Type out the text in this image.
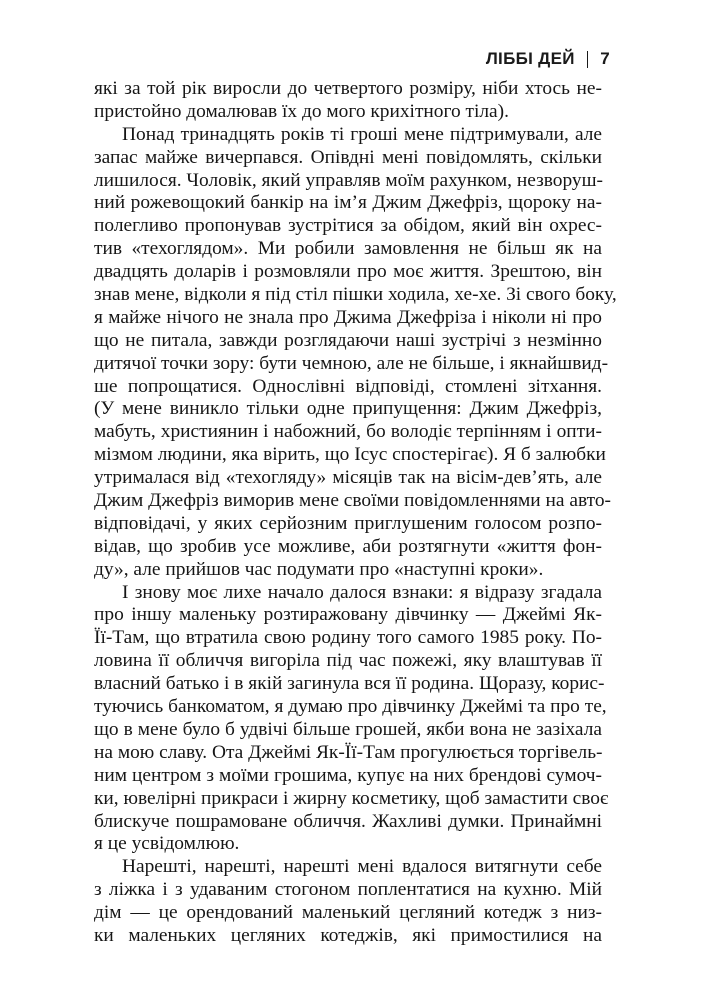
ЛІББІ ДЕЙ 7
які за той рік виросли до четвертого розміру, ніби хтось не-
пристойно домалював їх до мого крихітного тіла).
Понад тринадцять років ті гроші мене підтримували, але
запас майже вичерпався. Опівдні мені повідомлять, скільки
лишилося. Чоловік, який управляв моїм рахунком, незворуш-
ний рожевощокий банкір на ім’я Джим Джефріз, щороку на-
полегливо пропонував зустрітися за обідом, який він охрес-
тив «техоглядом». Ми робили замовлення не більш як на
двадцять доларів і розмовляли про моє життя. Зрештою, він
знав мене, відколи я під стіл пішки ходила, хе-хе. Зі свого боку,
я майже нічого не знала про Джима Джефріза і ніколи ні про
що не питала, завжди розглядаючи наші зустрічі з незмінно
дитячої точки зору: бути чемною, але не більше, і якнайшвид-
ше попрощатися. Однослівні відповіді, стомлені зітхання.
(У мене виникло тільки одне припущення: Джим Джефріз,
мабуть, християнин і набожний, бо володіє терпінням і опти-
мізмом людини, яка вірить, що Ісус спостерігає). Я б залюбки
утрималася від «техогляду» місяців так на вісім-дев’ять, але
Джим Джефріз виморив мене своїми повідомленнями на авто-
відповідачі, у яких серйозним приглушеним голосом розпо-
відав, що зробив усе можливе, аби розтягнути «життя фон-
ду», але прийшов час подумати про «наступні кроки».
І знову моє лихе начало далося взнаки: я відразу згадала
про іншу маленьку розтиражовану дівчинку — Джеймі Як-
Її-Там, що втратила свою родину того самого 1985 року. По-
ловина її обличчя вигоріла під час пожежі, яку влаштував її
власний батько і в якій загинула вся її родина. Щоразу, корис-
туючись банкоматом, я думаю про дівчинку Джеймі та про те,
що в мене було б удвічі більше грошей, якби вона не зазіхала
на мою славу. Ота Джеймі Як-Її-Там прогулюється торгівель-
ним центром з моїми грошима, купує на них брендові сумоч-
ки, ювелірні прикраси і жирну косметику, щоб замастити своє
блискуче пошрамоване обличчя. Жахливі думки. Принаймні
я це усвідомлюю.
Нарешті, нарешті, нарешті мені вдалося витягнути себе
з ліжка і з удаваним стогоном поплентатися на кухню. Мій
дім — це орендований маленький цегляний котедж з низ-
ки маленьких цегляних котеджів, які примостилися на
